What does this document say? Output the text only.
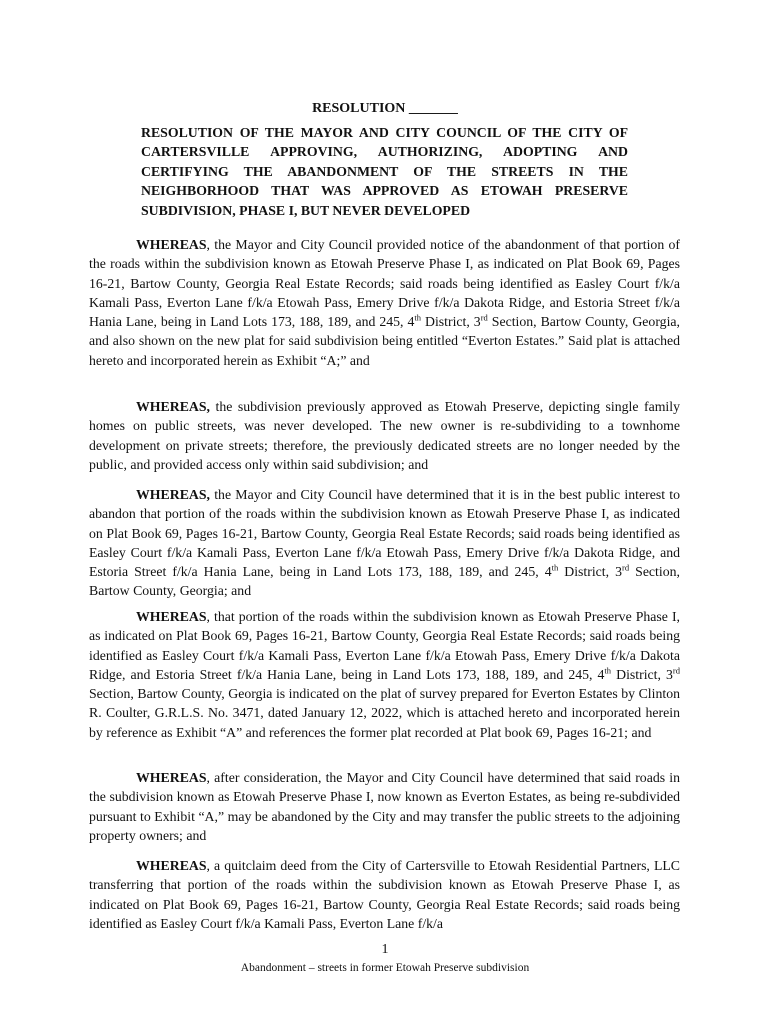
RESOLUTION _______
RESOLUTION OF THE MAYOR AND CITY COUNCIL OF THE CITY OF CARTERSVILLE APPROVING, AUTHORIZING, ADOPTING AND CERTIFYING THE ABANDONMENT OF THE STREETS IN THE NEIGHBORHOOD THAT WAS APPROVED AS ETOWAH PRESERVE SUBDIVISION, PHASE I, BUT NEVER DEVELOPED

WHEREAS, the Mayor and City Council provided notice of the abandonment of that portion of the roads within the subdivision known as Etowah Preserve Phase I, as indicated on Plat Book 69, Pages 16-21, Bartow County, Georgia Real Estate Records; said roads being identified as Easley Court f/k/a Kamali Pass, Everton Lane f/k/a Etowah Pass, Emery Drive f/k/a Dakota Ridge, and Estoria Street f/k/a Hania Lane, being in Land Lots 173, 188, 189, and 245, 4th District, 3rd Section, Bartow County, Georgia, and also shown on the new plat for said subdivision being entitled “Everton Estates.” Said plat is attached hereto and incorporated herein as Exhibit “A;” and

WHEREAS, the subdivision previously approved as Etowah Preserve, depicting single family homes on public streets, was never developed. The new owner is re-subdividing to a townhome development on private streets; therefore, the previously dedicated streets are no longer needed by the public, and provided access only within said subdivision; and

WHEREAS, the Mayor and City Council have determined that it is in the best public interest to abandon that portion of the roads within the subdivision known as Etowah Preserve Phase I, as indicated on Plat Book 69, Pages 16-21, Bartow County, Georgia Real Estate Records; said roads being identified as Easley Court f/k/a Kamali Pass, Everton Lane f/k/a Etowah Pass, Emery Drive f/k/a Dakota Ridge, and Estoria Street f/k/a Hania Lane, being in Land Lots 173, 188, 189, and 245, 4th District, 3rd Section, Bartow County, Georgia; and

WHEREAS, that portion of the roads within the subdivision known as Etowah Preserve Phase I, as indicated on Plat Book 69, Pages 16-21, Bartow County, Georgia Real Estate Records; said roads being identified as Easley Court f/k/a Kamali Pass, Everton Lane f/k/a Etowah Pass, Emery Drive f/k/a Dakota Ridge, and Estoria Street f/k/a Hania Lane, being in Land Lots 173, 188, 189, and 245, 4th District, 3rd Section, Bartow County, Georgia is indicated on the plat of survey prepared for Everton Estates by Clinton R. Coulter, G.R.L.S. No. 3471, dated January 12, 2022, which is attached hereto and incorporated herein by reference as Exhibit “A” and references the former plat recorded at Plat book 69, Pages 16-21; and

WHEREAS, after consideration, the Mayor and City Council have determined that said roads in the subdivision known as Etowah Preserve Phase I, now known as Everton Estates, as being re-subdivided pursuant to Exhibit “A,” may be abandoned by the City and may transfer the public streets to the adjoining property owners; and

WHEREAS, a quitclaim deed from the City of Cartersville to Etowah Residential Partners, LLC transferring that portion of the roads within the subdivision known as Etowah Preserve Phase I, as indicated on Plat Book 69, Pages 16-21, Bartow County, Georgia Real Estate Records; said roads being identified as Easley Court f/k/a Kamali Pass, Everton Lane f/k/a

1
Abandonment – streets in former Etowah Preserve subdivision
